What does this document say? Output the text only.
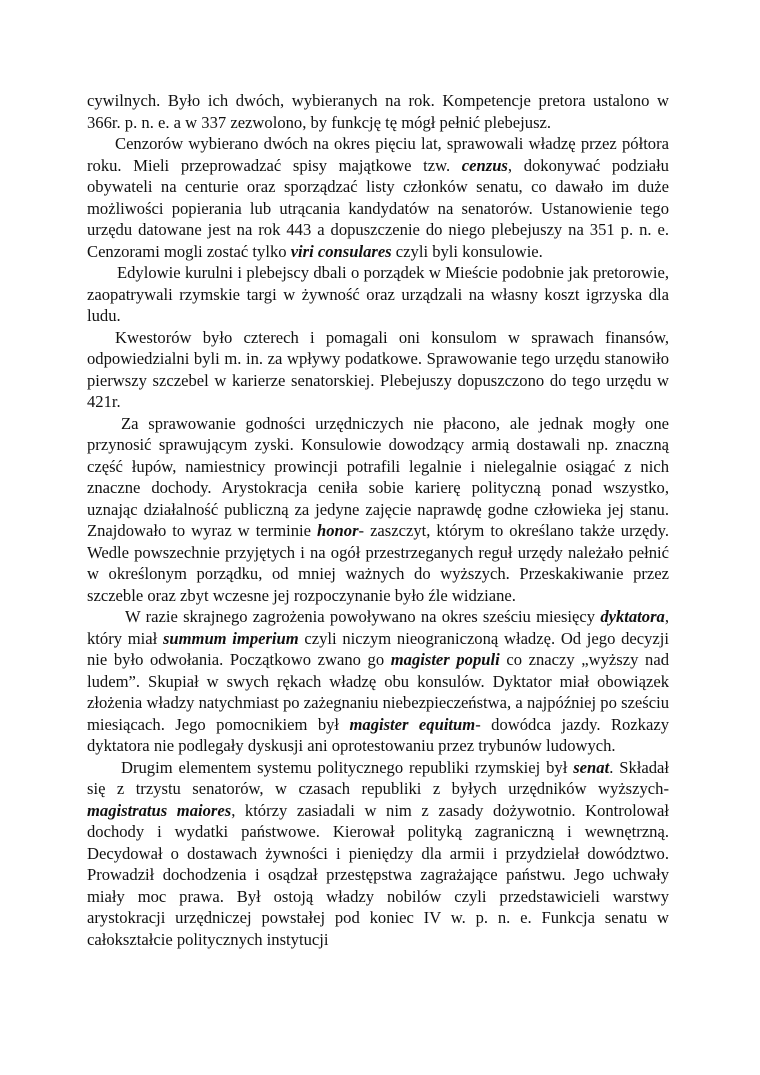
cywilnych. Było ich dwóch, wybieranych na rok. Kompetencje pretora ustalono w 366r. p. n. e. a w 337 zezwolono, by funkcję tę mógł pełnić plebejusz.

Cenzorów wybierano dwóch na okres pięciu lat, sprawowali władzę przez półtora roku. Mieli przeprowadzać spisy majątkowe tzw. cenzus, dokonywać podziału obywateli na centurie oraz sporządzać listy członków senatu, co dawało im duże możliwości popierania lub utrącania kandydatów na senatorów. Ustanowienie tego urzędu datowane jest na rok 443 a dopuszczenie do niego plebejuszy na 351 p. n. e. Cenzorami mogli zostać tylko viri consulares czyli byli konsulowie.

Edylowie kurulni i plebejscy dbali o porządek w Mieście podobnie jak pretorowie, zaopatrywali rzymskie targi w żywność oraz urządzali na własny koszt igrzyska dla ludu.

Kwestorów było czterech i pomagali oni konsulom w sprawach finansów, odpowiedzialni byli m. in. za wpływy podatkowe. Sprawowanie tego urzędu stanowiło pierwszy szczebel w karierze senatorskiej. Plebejuszy dopuszczono do tego urzędu w 421r.

Za sprawowanie godności urzędniczych nie płacono, ale jednak mogły one przynosić sprawującym zyski. Konsulowie dowodzący armią dostawali np. znaczną część łupów, namiestnicy prowincji potrafili legalnie i nielegalnie osiągać z nich znaczne dochody. Arystokracja ceniła sobie karierę polityczną ponad wszystko, uznając działalność publiczną za jedyne zajęcie naprawdę godne człowieka jej stanu. Znajdowało to wyraz w terminie honor- zaszczyt, którym to określano także urzędy. Wedle powszechnie przyjętych i na ogół przestrzeganych reguł urzędy należało pełnić w określonym porządku, od mniej ważnych do wyższych. Przeskakiwanie przez szczeble oraz zbyt wczesne jej rozpoczynanie było źle widziane.

W razie skrajnego zagrożenia powoływano na okres sześciu miesięcy dyktatora, który miał summum imperium czyli niczym nieograniczoną władzę. Od jego decyzji nie było odwołania. Początkowo zwano go magister populi co znaczy „wyższy nad ludem”. Skupiał w swych rękach władzę obu konsulów. Dyktator miał obowiązek złożenia władzy natychmiast po zażegnaniu niebezpieczeństwa, a najpóźniej po sześciu miesiącach. Jego pomocnikiem był magister equitum- dowódca jazdy. Rozkazy dyktatora nie podlegały dyskusji ani oprotestowaniu przez trybunów ludowych.

Drugim elementem systemu politycznego republiki rzymskiej był senat. Składał się z trzystu senatorów, w czasach republiki z byłych urzędników wyższych- magistratus maiores, którzy zasiadali w nim z zasady dożywotnio. Kontrolował dochody i wydatki państwowe. Kierował polityką zagraniczną i wewnętrzną. Decydował o dostawach żywności i pieniędzy dla armii i przydzielał dowództwo. Prowadził dochodzenia i osądzał przestępstwa zagrażające państwu. Jego uchwały miały moc prawa. Był ostoją władzy nobilów czyli przedstawicieli warstwy arystokracji urzędniczej powstałej pod koniec IV w. p. n. e. Funkcja senatu w całokształcie politycznych instytucji
